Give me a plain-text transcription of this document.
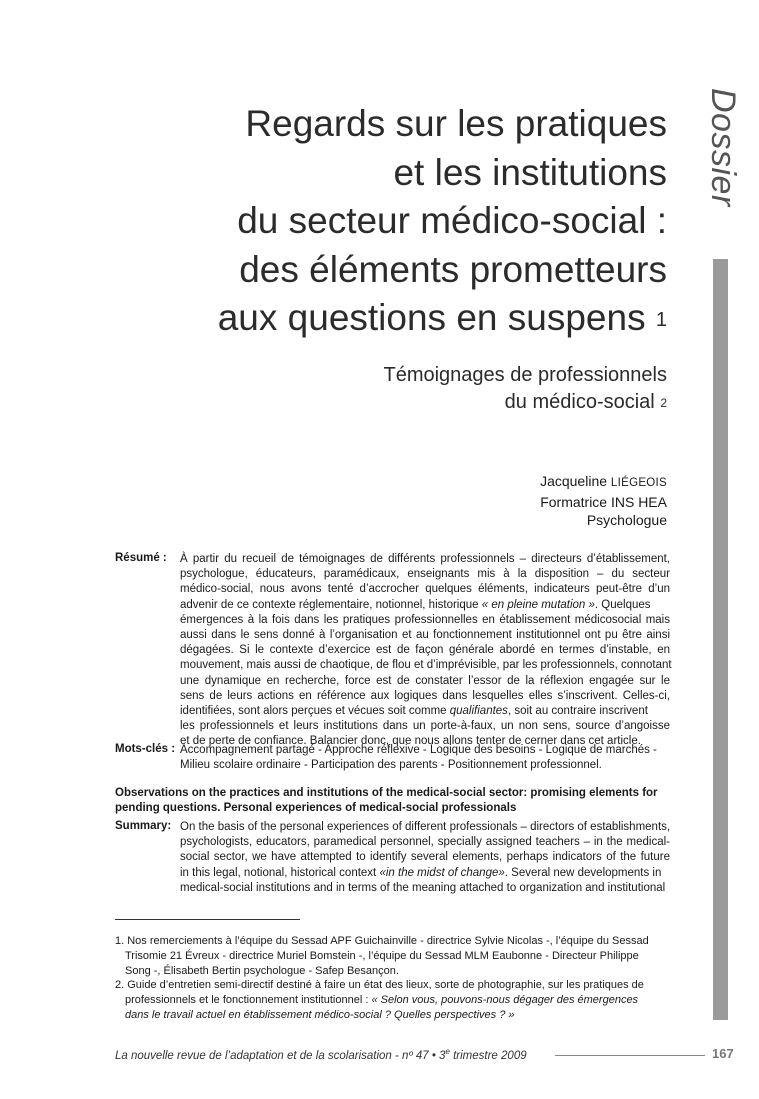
Dossier
Regards sur les pratiques
et les institutions
du secteur médico-social :
des éléments prometteurs
aux questions en suspens $^1$
Témoignages de professionnels
du médico-social $^2$
Jacqueline LIÉGEOIS
Formatrice INS HEA
Psychologue
Résumé : À partir du recueil de témoignages de différents professionnels – directeurs d’établissement,
psychologue, éducateurs, paramédicaux, enseignants mis à la disposition – du secteur
médico-social, nous avons tenté d’accrocher quelques éléments, indicateurs peut-être d’un
advenir de ce contexte réglementaire, notionnel, historique « en pleine mutation ». Quelques
émergences à la fois dans les pratiques professionnelles en établissement médicosocial mais
aussi dans le sens donné à l’organisation et au fonctionnement institutionnel ont pu être ainsi
dégagées. Si le contexte d’exercice est de façon générale abordé en termes d’instable, en
mouvement, mais aussi de chaotique, de flou et d’imprévisible, par les professionnels, connotant
une dynamique en recherche, force est de constater l’essor de la réflexion engagée sur le
sens de leurs actions en référence aux logiques dans lesquelles elles s’inscrivent. Celles-ci,
identifiées, sont alors perçues et vécues soit comme qualifiantes, soit au contraire inscrivent
les professionnels et leurs institutions dans un porte-à-faux, un non sens, source d’angoisse
et de perte de confiance. Balancier donc, que nous allons tenter de cerner dans cet article.
Mots-clés : Accompagnement partagé - Approche réflexive - Logique des besoins - Logique de marchés -
Milieu scolaire ordinaire - Participation des parents - Positionnement professionnel.
Observations on the practices and institutions of the medical-social sector: promising elements for
pending questions. Personal experiences of medical-social professionals
Summary: On the basis of the personal experiences of different professionals – directors of establishments,
psychologists, educators, paramedical personnel, specially assigned teachers – in the medical-
social sector, we have attempted to identify several elements, perhaps indicators of the future
in this legal, notional, historical context «in the midst of change». Several new developments in
medical-social institutions and in terms of the meaning attached to organization and institutional
1. Nos remerciements à l’équipe du Sessad APF Guichainville - directrice Sylvie Nicolas -, l’équipe du Sessad
Trisomie 21 Évreux - directrice Muriel Bomstein -, l’équipe du Sessad MLM Eaubonne - Directeur Philippe
Song -, Élisabeth Bertin psychologue - Safep Besançon.
2. Guide d’entretien semi-directif destiné à faire un état des lieux, sorte de photographie, sur les pratiques de
professionnels et le fonctionnement institutionnel : « Selon vous, pouvons-nous dégager des émergences
dans le travail actuel en établissement médico-social ? Quelles perspectives ? »
La nouvelle revue de l’adaptation et de la scolarisation - nº 47 • 3e trimestre 2009	167
